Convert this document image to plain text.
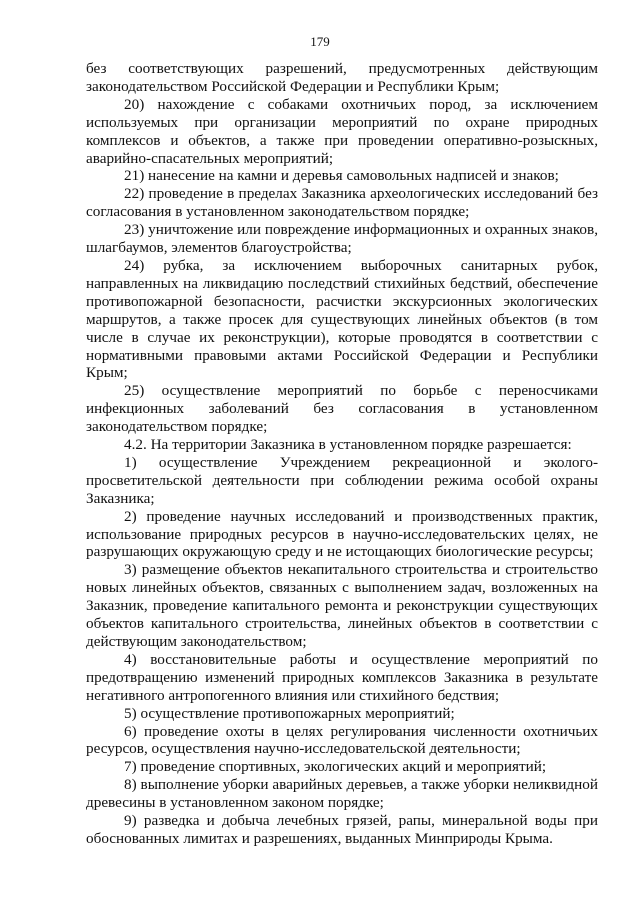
179

без соответствующих разрешений, предусмотренных действующим законодательством Российской Федерации и Республики Крым;

20) нахождение с собаками охотничьих пород, за исключением используемых при организации мероприятий по охране природных комплексов и объектов, а также при проведении оперативно-розыскных, аварийно-спасательных мероприятий;

21) нанесение на камни и деревья самовольных надписей и знаков;

22) проведение в пределах Заказника археологических исследований без согласования в установленном законодательством порядке;

23) уничтожение или повреждение информационных и охранных знаков, шлагбаумов, элементов благоустройства;

24) рубка, за исключением выборочных санитарных рубок, направленных на ликвидацию последствий стихийных бедствий, обеспечение противопожарной безопасности, расчистки экскурсионных экологических маршрутов, а также просек для существующих линейных объектов (в том числе в случае их реконструкции), которые проводятся в соответствии с нормативными правовыми актами Российской Федерации и Республики Крым;

25) осуществление мероприятий по борьбе с переносчиками инфекционных заболеваний без согласования в установленном законодательством порядке;

4.2. На территории Заказника в установленном порядке разрешается:

1) осуществление Учреждением рекреационной и эколого-просветительской деятельности при соблюдении режима особой охраны Заказника;

2) проведение научных исследований и производственных практик, использование природных ресурсов в научно-исследовательских целях, не разрушающих окружающую среду и не истощающих биологические ресурсы;

3) размещение объектов некапитального строительства и строительство новых линейных объектов, связанных с выполнением задач, возложенных на Заказник, проведение капитального ремонта и реконструкции существующих объектов капитального строительства, линейных объектов в соответствии с действующим законодательством;

4) восстановительные работы и осуществление мероприятий по предотвращению изменений природных комплексов Заказника в результате негативного антропогенного влияния или стихийного бедствия;

5) осуществление противопожарных мероприятий;

6) проведение охоты в целях регулирования численности охотничьих ресурсов, осуществления научно-исследовательской деятельности;

7) проведение спортивных, экологических акций и мероприятий;

8) выполнение уборки аварийных деревьев, а также уборки неликвидной древесины в установленном законом порядке;

9) разведка и добыча лечебных грязей, рапы, минеральной воды при обоснованных лимитах и разрешениях, выданных Минприроды Крыма.
